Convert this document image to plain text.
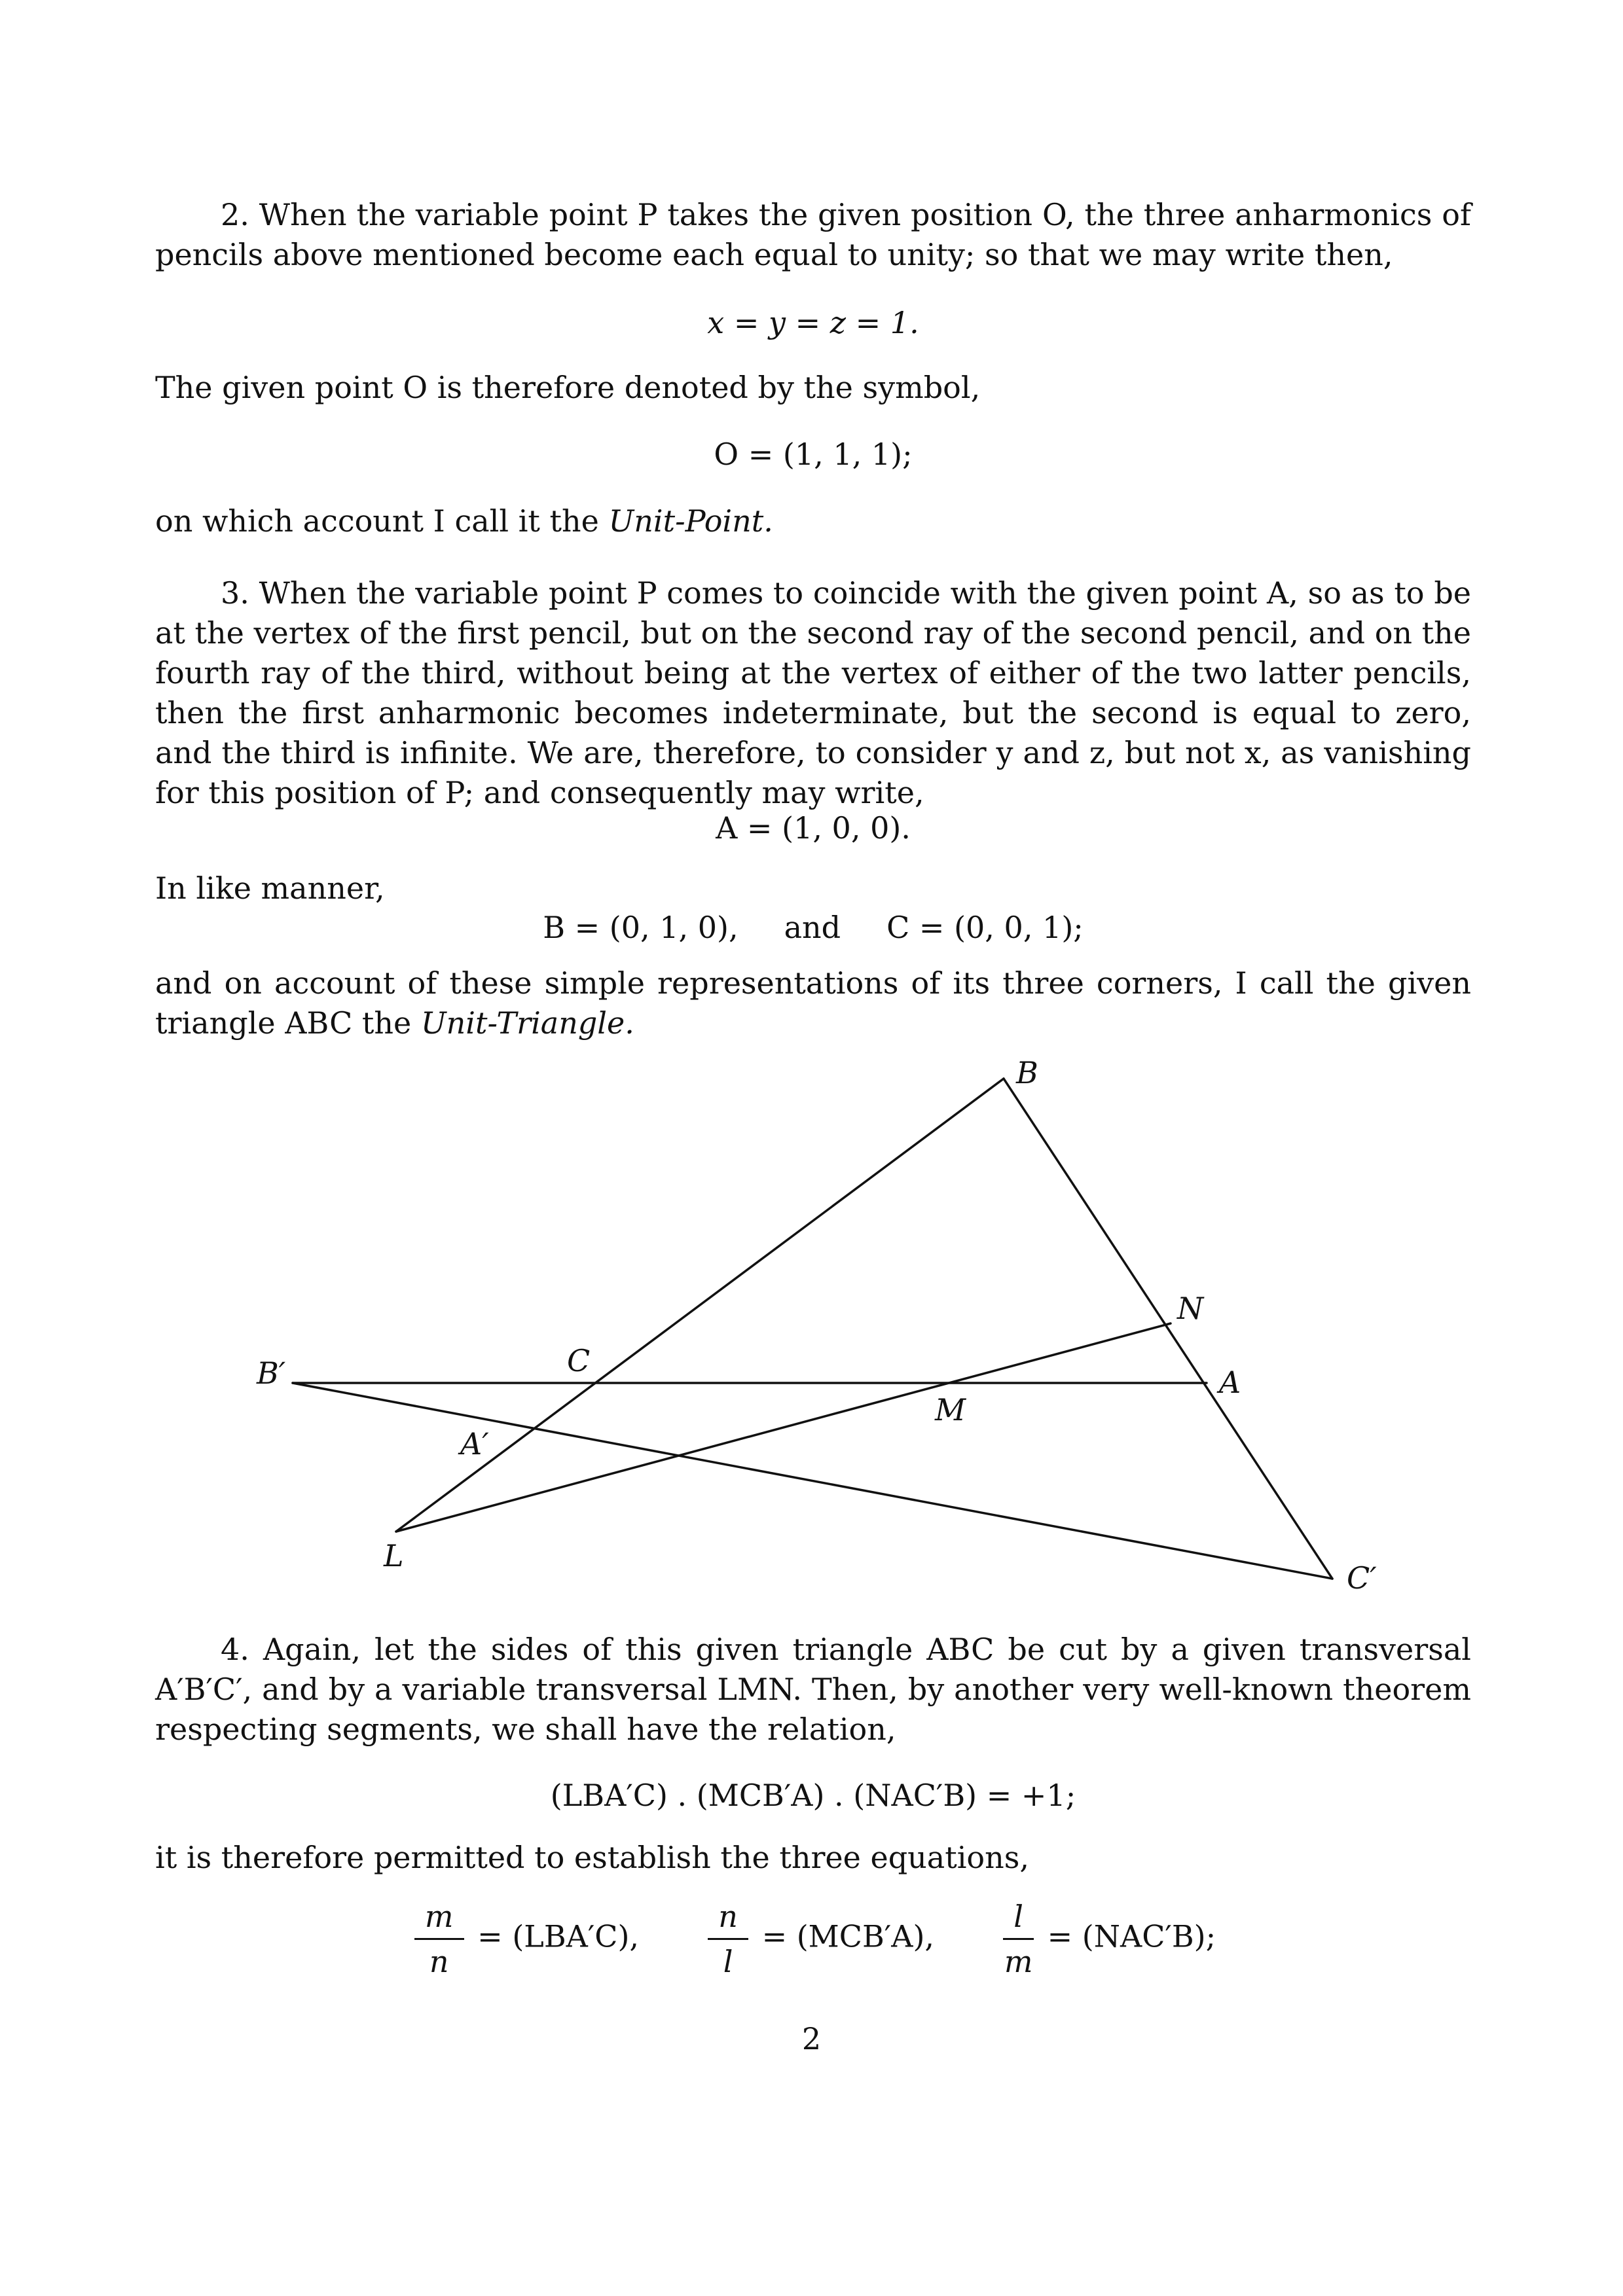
2. When the variable point P takes the given position O, the three anharmonics of pencils above mentioned become each equal to unity; so that we may write then,
x = y = z = 1.
The given point O is therefore denoted by the symbol,
O = (1, 1, 1);
on which account I call it the Unit-Point.
3. When the variable point P comes to coincide with the given point A, so as to be at the vertex of the first pencil, but on the second ray of the second pencil, and on the fourth ray of the third, without being at the vertex of either of the two latter pencils, then the first anharmonic becomes indeterminate, but the second is equal to zero, and the third is infinite. We are, therefore, to consider y and z, but not x, as vanishing for this position of P; and consequently may write,
A = (1, 0, 0).
In like manner,
B = (0, 1, 0), and C = (0, 0, 1);
and on account of these simple representations of its three corners, I call the given triangle ABC the Unit-Triangle.
B
N
A
C
B′
M
A′
L
C′
4. Again, let the sides of this given triangle ABC be cut by a given transversal A′B′C′, and by a variable transversal LMN. Then, by another very well-known theorem respecting segments, we shall have the relation,
(LBA′C) . (MCB′A) . (NAC′B) = +1;
it is therefore permitted to establish the three equations,
$\frac{m}{n} = (LBA'C)$, $\frac{n}{l} = (MCB'A)$, $\frac{l}{m} = (NAC'B)$;
2
